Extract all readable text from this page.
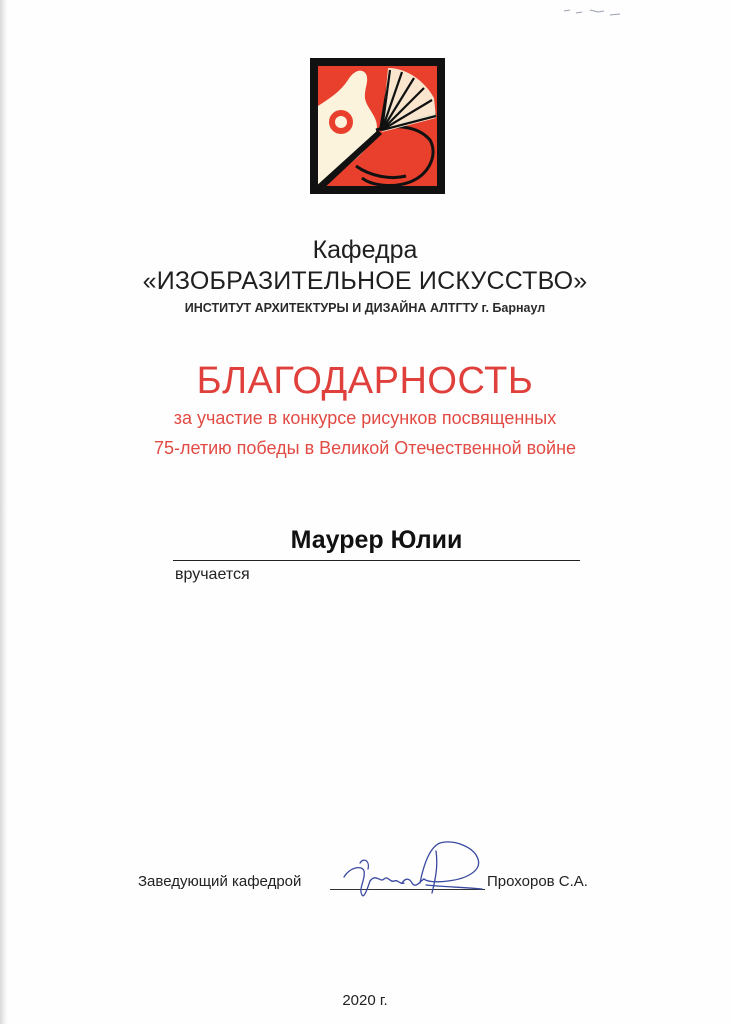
Кафедра

«ИЗОБРАЗИТЕЛЬНОЕ ИСКУССТВО»

ИНСТИТУТ АРХИТЕКТУРЫ И ДИЗАЙНА АЛТГТУ г. Барнаул

БЛАГОДАРНОСТЬ

за участие в конкурсе рисунков посвященных

75-летию победы в Великой Отечественной войне

Маурер Юлии
вручается
Заведующий кафедрой	Прохоров С.А.
2020 г.
